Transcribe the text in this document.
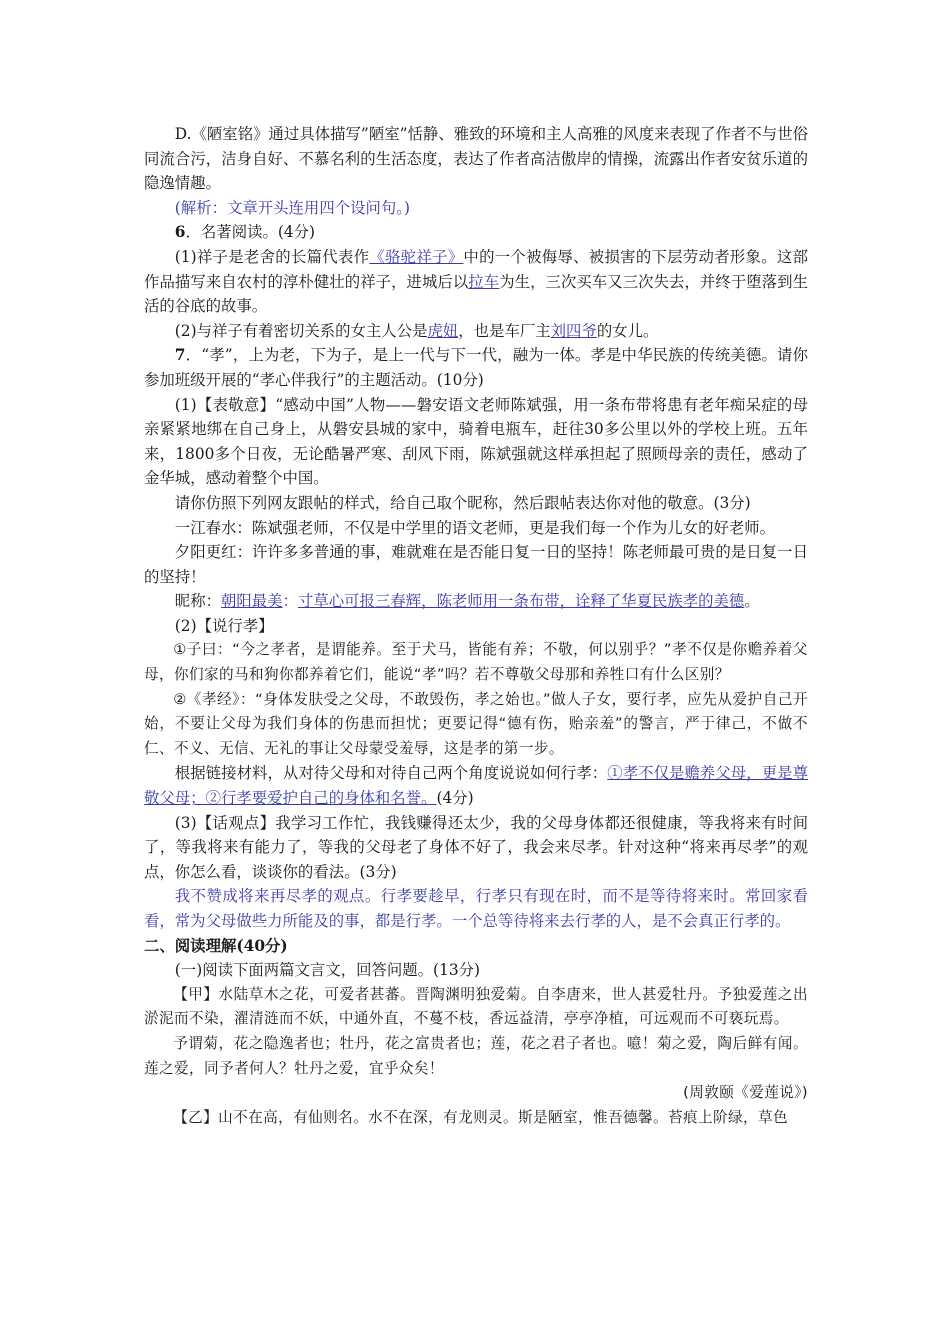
D.《陋室铭》通过具体描写”陋室”恬静、雅致的环境和主人高雅的风度来表现了作者不与世俗同流合污，洁身自好、不慕名利的生活态度，表达了作者高洁傲岸的情操，流露出作者安贫乐道的隐逸情趣。

(解析：文章开头连用四个设问句。)

6．名著阅读。(4分)

(1)祥子是老舍的长篇代表作《骆驼祥子》中的一个被侮辱、被损害的下层劳动者形象。这部作品描写来自农村的淳朴健壮的祥子，进城后以拉车为生，三次买车又三次失去，并终于堕落到生活的谷底的故事。

(2)与祥子有着密切关系的女主人公是虎妞，也是车厂主刘四爷的女儿。

7．“孝”，上为老，下为子，是上一代与下一代，融为一体。孝是中华民族的传统美德。请你参加班级开展的“孝心伴我行”的主题活动。(10分)

(1)【表敬意】“感动中国”人物——磐安语文老师陈斌强，用一条布带将患有老年痴呆症的母亲紧紧地绑在自己身上，从磐安县城的家中，骑着电瓶车，赶往30多公里以外的学校上班。五年来，1800多个日夜，无论酷暑严寒、刮风下雨，陈斌强就这样承担起了照顾母亲的责任，感动了金华城，感动着整个中国。

请你仿照下列网友跟帖的样式，给自己取个昵称，然后跟帖表达你对他的敬意。(3分)

一江春水：陈斌强老师，不仅是中学里的语文老师，更是我们每一个作为儿女的好老师。

夕阳更红：许许多多普通的事，难就难在是否能日复一日的坚持！陈老师最可贵的是日复一日的坚持！

昵称：朝阳最美：寸草心可报三春辉，陈老师用一条布带，诠释了华夏民族孝的美德。

(2)【说行孝】

①子曰：“今之孝者，是谓能养。至于犬马，皆能有养；不敬，何以别乎？”孝不仅是你赡养着父母，你们家的马和狗你都养着它们，能说“孝”吗？若不尊敬父母那和养牲口有什么区别？

②《孝经》：“身体发肤受之父母，不敢毁伤，孝之始也。”做人子女，要行孝，应先从爱护自己开始，不要让父母为我们身体的伤患而担忧；更要记得“德有伤，贻亲羞”的警言，严于律己，不做不仁、不义、无信、无礼的事让父母蒙受羞辱，这是孝的第一步。

根据链接材料，从对待父母和对待自己两个角度说说如何行孝：①孝不仅是赡养父母，更是尊敬父母；②行孝要爱护自己的身体和名誉。(4分)

(3)【话观点】我学习工作忙，我钱赚得还太少，我的父母身体都还很健康，等我将来有时间了，等我将来有能力了，等我的父母老了身体不好了，我会来尽孝。针对这种“将来再尽孝”的观点，你怎么看，谈谈你的看法。(3分)

我不赞成将来再尽孝的观点。行孝要趁早，行孝只有现在时，而不是等待将来时。常回家看看，常为父母做些力所能及的事，都是行孝。一个总等待将来去行孝的人，是不会真正行孝的。

二、阅读理解(40分)

(一)阅读下面两篇文言文，回答问题。(13分)

【甲】水陆草木之花，可爱者甚蕃。晋陶渊明独爱菊。自李唐来，世人甚爱牡丹。予独爱莲之出淤泥而不染，濯清涟而不妖，中通外直，不蔓不枝，香远益清，亭亭净植，可远观而不可亵玩焉。

予谓菊，花之隐逸者也；牡丹，花之富贵者也；莲，花之君子者也。噫！菊之爱，陶后鲜有闻。莲之爱，同予者何人？牡丹之爱，宜乎众矣！

(周敦颐《爱莲说》)

【乙】山不在高，有仙则名。水不在深，有龙则灵。斯是陋室，惟吾德馨。苔痕上阶绿，草色
